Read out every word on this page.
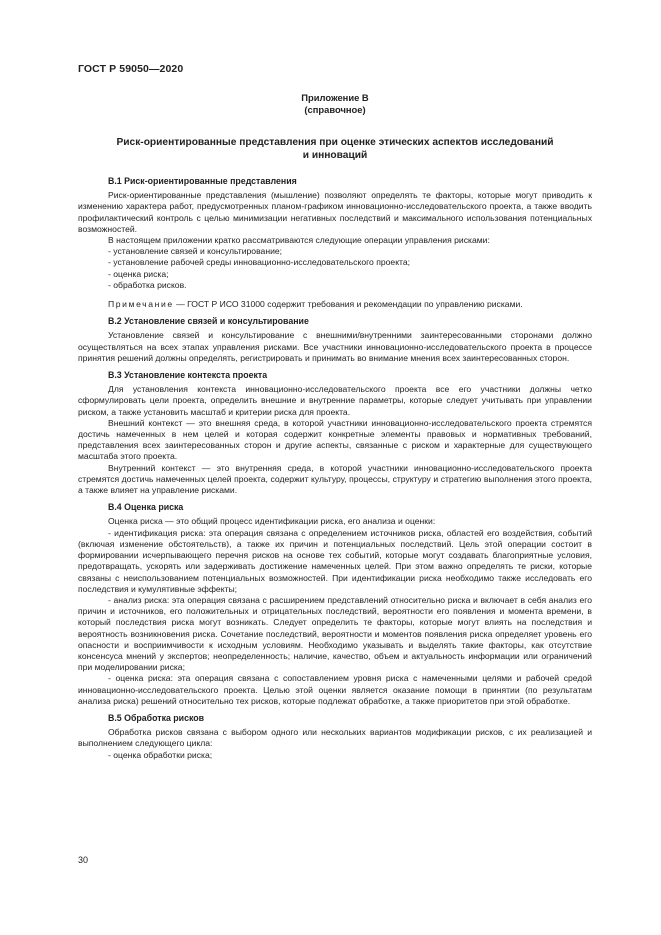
ГОСТ Р 59050—2020
Приложение В
(справочное)
Риск-ориентированные представления при оценке этических аспектов исследований
и инноваций
В.1 Риск-ориентированные представления

Риск-ориентированные представления (мышление) позволяют определять те факторы, которые могут приводить к изменению характера работ, предусмотренных планом-графиком инновационно-исследовательского проекта, а также вводить профилактический контроль с целью минимизации негативных последствий и максимального использования потенциальных возможностей.

В настоящем приложении кратко рассматриваются следующие операции управления рисками:

- установление связей и консультирование;

- установление рабочей среды инновационно-исследовательского проекта;

- оценка риска;

- обработка рисков.

Примечание — ГОСТ Р ИСО 31000 содержит требования и рекомендации по управлению рисками.

В.2 Установление связей и консультирование

Установление связей и консультирование с внешними/внутренними заинтересованными сторонами должно осуществляться на всех этапах управления рисками. Все участники инновационно-исследовательского проекта в процессе принятия решений должны определять, регистрировать и принимать во внимание мнения всех заинтересованных сторон.

В.3 Установление контекста проекта

Для установления контекста инновационно-исследовательского проекта все его участники должны четко сформулировать цели проекта, определить внешние и внутренние параметры, которые следует учитывать при управлении риском, а также установить масштаб и критерии риска для проекта.

Внешний контекст — это внешняя среда, в которой участники инновационно-исследовательского проекта стремятся достичь намеченных в нем целей и которая содержит конкретные элементы правовых и нормативных требований, представления всех заинтересованных сторон и другие аспекты, связанные с риском и характерные для существующего масштаба этого проекта.

Внутренний контекст — это внутренняя среда, в которой участники инновационно-исследовательского проекта стремятся достичь намеченных целей проекта, содержит культуру, процессы, структуру и стратегию выполнения этого проекта, а также влияет на управление рисками.

В.4 Оценка риска

Оценка риска — это общий процесс идентификации риска, его анализа и оценки:

- идентификация риска: эта операция связана с определением источников риска, областей его воздействия, событий (включая изменение обстоятельств), а также их причин и потенциальных последствий. Цель этой операции состоит в формировании исчерпывающего перечня рисков на основе тех событий, которые могут создавать благоприятные условия, предотвращать, ускорять или задерживать достижение намеченных целей. При этом важно определять те риски, которые связаны с неиспользованием потенциальных возможностей. При идентификации риска необходимо также исследовать его последствия и кумулятивные эффекты;

- анализ риска: эта операция связана с расширением представлений относительно риска и включает в себя анализ его причин и источников, его положительных и отрицательных последствий, вероятности его появления и момента времени, в который последствия риска могут возникать. Следует определить те факторы, которые могут влиять на последствия и вероятность возникновения риска. Сочетание последствий, вероятности и моментов появления риска определяет уровень его опасности и восприимчивости к исходным условиям. Необходимо указывать и выделять такие факторы, как отсутствие консенсуса мнений у экспертов; неопределенность; наличие, качество, объем и актуальность информации или ограничений при моделировании риска;

- оценка риска: эта операция связана с сопоставлением уровня риска с намеченными целями и рабочей средой инновационно-исследовательского проекта. Целью этой оценки является оказание помощи в принятии (по результатам анализа риска) решений относительно тех рисков, которые подлежат обработке, а также приоритетов при этой обработке.

В.5 Обработка рисков

Обработка рисков связана с выбором одного или нескольких вариантов модификации рисков, с их реализацией и выполнением следующего цикла:

- оценка обработки риска;

30
